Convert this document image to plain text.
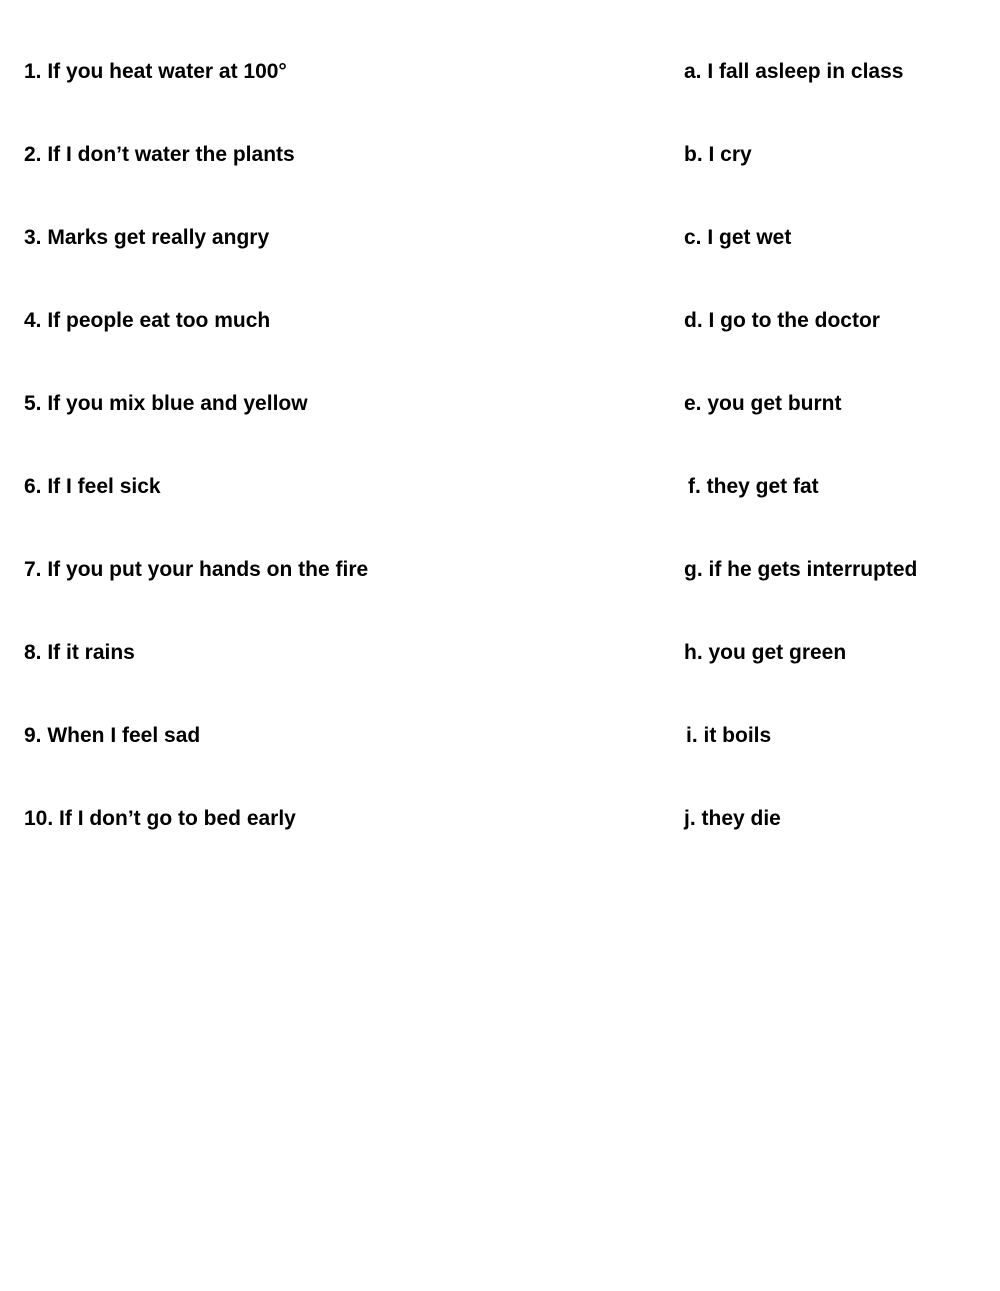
1. If you heat water at 100°	a. I fall asleep in class
2. If I don’t water the plants	b. I cry
3. Marks get really angry	c. I get wet
4. If people eat too much	d. I go to the doctor
5. If you mix blue and yellow	e. you get burnt
6. If I feel sick	f. they get fat
7. If you put your hands on the fire	g. if he gets interrupted
8. If it rains	h. you get green
9. When I feel sad	i. it boils
10. If I don’t go to bed early	j. they die
